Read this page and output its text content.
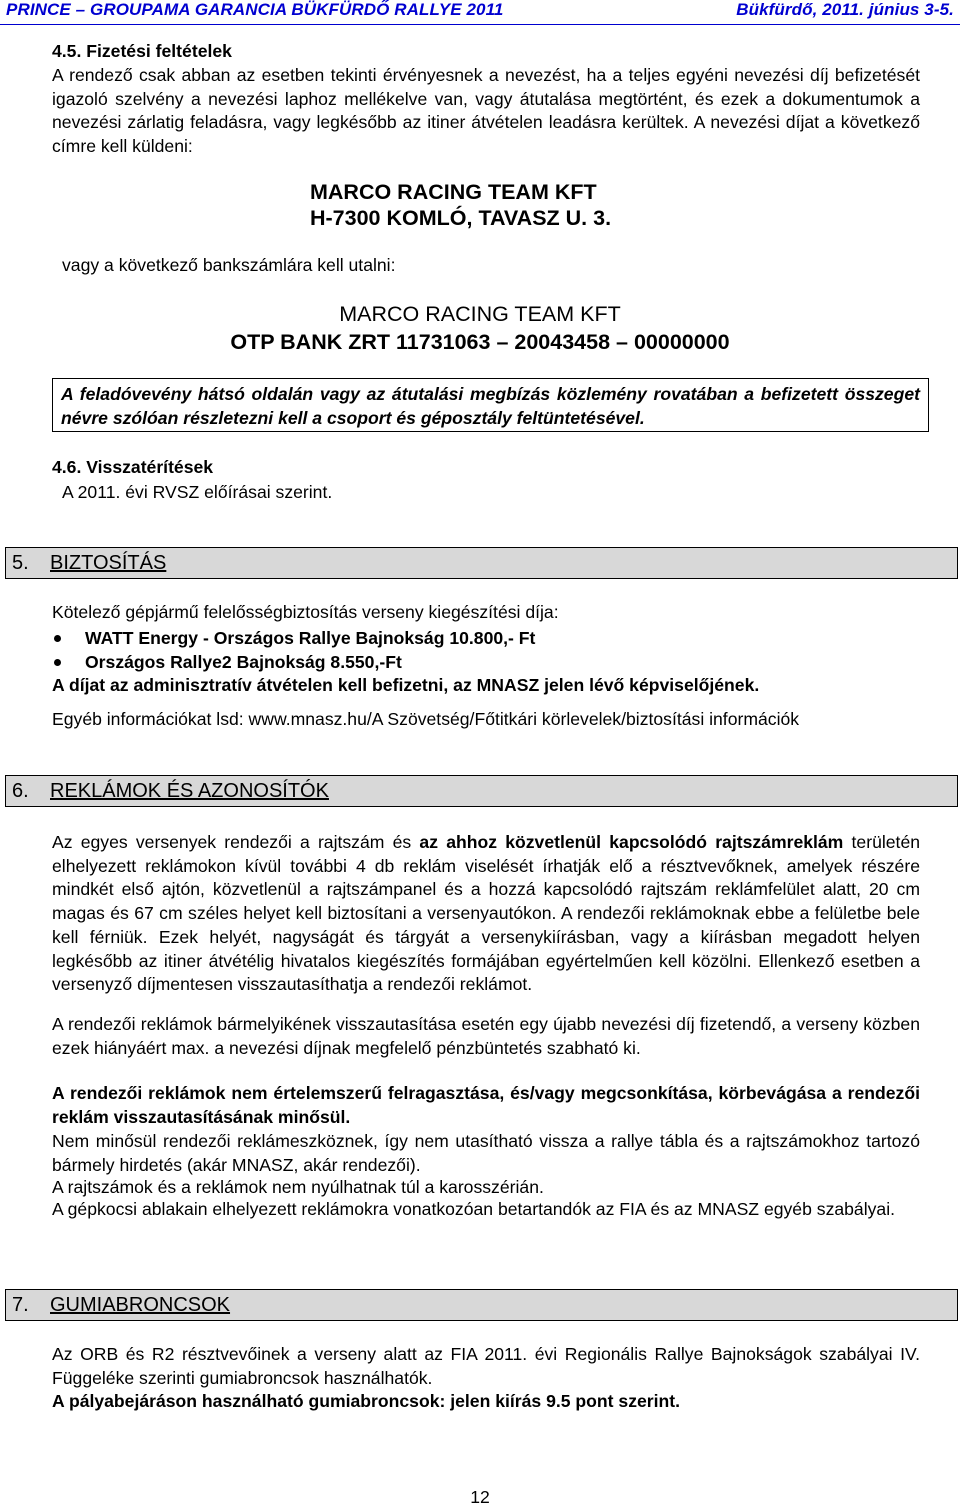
PRINCE – GROUPAMA GARANCIA BÜKFÜRDŐ RALLYE 2011	Bükfürdő, 2011. június 3-5.
4.5. Fizetési feltételek
A rendező csak abban az esetben tekinti érvényesnek a nevezést, ha a teljes egyéni nevezési díj befizetését igazoló szelvény a nevezési laphoz mellékelve van, vagy átutalása megtörtént, és ezek a dokumentumok a nevezési zárlatig feladásra, vagy legkésőbb az itiner átvételen leadásra kerültek. A nevezési díjat a következő címre kell küldeni:
MARCO RACING TEAM KFT
H-7300 KOMLÓ, TAVASZ U. 3.
vagy a következő bankszámlára kell utalni:
MARCO RACING TEAM KFT
OTP BANK ZRT 11731063 – 20043458 – 00000000
A feladóvevény hátsó oldalán vagy az átutalási megbízás közlemény rovatában a befizetett összeget névre szólóan részletezni kell a csoport és géposztály feltüntetésével.
4.6. Visszatérítések
A 2011. évi RVSZ előírásai szerint.
5. BIZTOSÍTÁS
Kötelező gépjármű felelősségbiztosítás verseny kiegészítési díja:
WATT Energy - Országos Rallye Bajnokság 10.800,- Ft
Országos Rallye2 Bajnokság 8.550,-Ft
A díjat az adminisztratív átvételen kell befizetni, az MNASZ jelen lévő képviselőjének.
Egyéb információkat lsd: www.mnasz.hu/A Szövetség/Főtitkári körlevelek/biztosítási információk
6. REKLÁMOK ÉS AZONOSÍTÓK
Az egyes versenyek rendezői a rajtszám és az ahhoz közvetlenül kapcsolódó rajtszámreklám területén elhelyezett reklámokon kívül további 4 db reklám viselését írhatják elő a résztvevőknek, amelyek részére mindkét első ajtón, közvetlenül a rajtszámpanel és a hozzá kapcsolódó rajtszám reklámfelület alatt, 20 cm magas és 67 cm széles helyet kell biztosítani a versenyautókon. A rendezői reklámoknak ebbe a felületbe bele kell férniük. Ezek helyét, nagyságát és tárgyát a versenykiírásban, vagy a kiírásban megadott helyen legkésőbb az itiner átvétélig hivatalos kiegészítés formájában egyértelműen kell közölni. Ellenkező esetben a versenyző díjmentesen visszautasíthatja a rendezői reklámot.
A rendezői reklámok bármelyikének visszautasítása esetén egy újabb nevezési díj fizetendő, a verseny közben ezek hiányáért max. a nevezési díjnak megfelelő pénzbüntetés szabható ki.
A rendezői reklámok nem értelemszerű felragasztása, és/vagy megcsonkítása, körbevágása a rendezői reklám visszautasításának minősül.
Nem minősül rendezői reklámeszköznek, így nem utasítható vissza a rallye tábla és a rajtszámokhoz tartozó bármely hirdetés (akár MNASZ, akár rendezői).
A rajtszámok és a reklámok nem nyúlhatnak túl a karosszérián.
A gépkocsi ablakain elhelyezett reklámokra vonatkozóan betartandók az FIA és az MNASZ egyéb szabályai.
7. GUMIABRONCSOK
Az ORB és R2 résztvevőinek a verseny alatt az FIA 2011. évi Regionális Rallye Bajnokságok szabályai IV. Függeléke szerinti gumiabroncsok használhatók.
A pályabejáráson használható gumiabroncsok: jelen kiírás 9.5 pont szerint.
12
